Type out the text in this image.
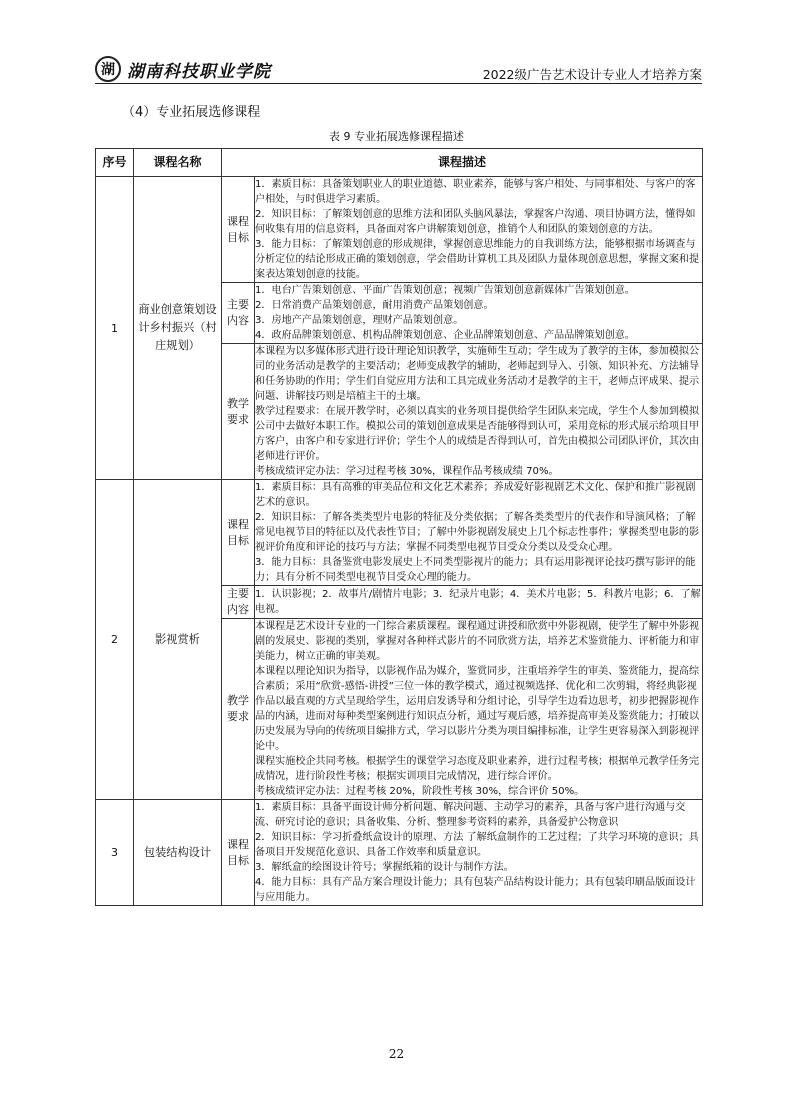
湖 湖南科技职业学院	2022级广告艺术设计专业人才培养方案
（4）专业拓展选修课程
表 9 专业拓展选修课程描述
序号	课程名称	课程描述	
1	商业创意策划设计乡村振兴（村庄规划）	课程目标	1．素质目标：具备策划职业人的职业道德、职业素养，能够与客户相处、与同事相处、与客户的客户相处，与时俱进学习素质。

2．知识目标：了解策划创意的思维方法和团队头脑风暴法，掌握客户沟通、项目协调方法，懂得如何收集有用的信息资料，具备面对客户讲解策划创意，推销个人和团队的策划创意的方法。

3．能力目标：了解策划创意的形成规律，掌握创意思维能力的自我训练方法，能够根据市场调查与分析定位的结论形成正确的策划创意，学会借助计算机工具及团队力量体现创意思想，掌握文案和提案表达策划创意的技能。

		主要内容	1．电台广告策划创意、平面广告策划创意；视频广告策划创意新媒体广告策划创意。

2．日常消费产品策划创意，耐用消费产品策划创意。

3．房地产产品策划创意，理财产品策划创意。

4．政府品牌策划创意、机构品牌策划创意、企业品牌策划创意、产品品牌策划创意。

		教学要求	本课程为以多媒体形式进行设计理论知识教学，实施师生互动；学生成为了教学的主体，参加模拟公司的业务活动是教学的主要活动；老师变成教学的辅助，老师起到导入、引领、知识补充、方法辅导和任务协助的作用；学生们自觉应用方法和工具完成业务活动才是教学的主干，老师点评成果、提示问题、讲解技巧则是培植主干的土壤。

教学过程要求：在展开教学时，必须以真实的业务项目提供给学生团队来完成，学生个人参加到模拟公司中去做好本职工作。模拟公司的策划创意成果是否能够得到认可，采用竞标的形式展示给项目甲方客户，由客户和专家进行评价；学生个人的成绩是否得到认可，首先由模拟公司团队评价，其次由老师进行评价。

考核成绩评定办法：学习过程考核 30%，课程作品考核成绩 70%。

2	影视赏析	课程目标	1．素质目标：具有高雅的审美品位和文化艺术素养；养成爱好影视剧艺术文化、保护和推广影视剧艺术的意识。

2．知识目标：了解各类类型片电影的特征及分类依据；了解各类类型片的代表作和导演风格；了解常见电视节目的特征以及代表性节目；了解中外影视剧发展史上几个标志性事件；掌握类型电影的影视评价角度和评论的技巧与方法；掌握不同类型电视节目受众分类以及受众心理。

3．能力目标：具备鉴赏电影发展史上不同类型影视片的能力；具有运用影视评论技巧撰写影评的能力；具有分析不同类型电视节目受众心理的能力。

		主要内容	1．认识影视；2．故事片/剧情片电影；3．纪录片电影；4．美术片电影；5．科教片电影；6．了解电视。

		教学要求	本课程是艺术设计专业的一门综合素质课程。课程通过讲授和欣赏中外影视剧，使学生了解中外影视剧的发展史、影视的类别，掌握对各种样式影片的不同欣赏方法，培养艺术鉴赏能力、评析能力和审美能力，树立正确的审美观。

本课程以理论知识为指导，以影视作品为媒介，鉴赏同步，注重培养学生的审美、鉴赏能力，提高综合素质；采用“欣赏-感悟-讲授”三位一体的教学模式，通过视频选择、优化和二次剪辑，将经典影视作品以最直观的方式呈现给学生，运用启发诱导和分组讨论，引导学生边看边思考，初步把握影视作品的内涵，进而对每种类型案例进行知识点分析，通过写观后感，培养提高审美及鉴赏能力；打破以历史发展为导向的传统项目编排方式，学习以影片分类为项目编排标准，让学生更容易深入到影视评论中。

课程实施校企共同考核。根据学生的课堂学习态度及职业素养，进行过程考核；根据单元教学任务完成情况，进行阶段性考核；根据实训项目完成情况，进行综合评价。

考核成绩评定办法：过程考核 20%，阶段性考核 30%，综合评价 50%。

3	包装结构设计	课程目标	1．素质目标：具备平面设计师分析问题、解决问题、主动学习的素养，具备与客户进行沟通与交流、研究讨论的意识；具备收集、分析、整理参考资料的素养，具备爱护公物意识

2．知识目标：学习折叠纸盒设计的原理、方法 了解纸盒制作的工艺过程；了共学习环境的意识；具备项目开发规范化意识、具备工作效率和质量意识。

3．解纸盒的绘图设计符号；掌握纸箱的设计与制作方法。

4．能力目标：具有产品方案合理设计能力；具有包装产品结构设计能力；具有包装印刷品版面设计与应用能力。

22
